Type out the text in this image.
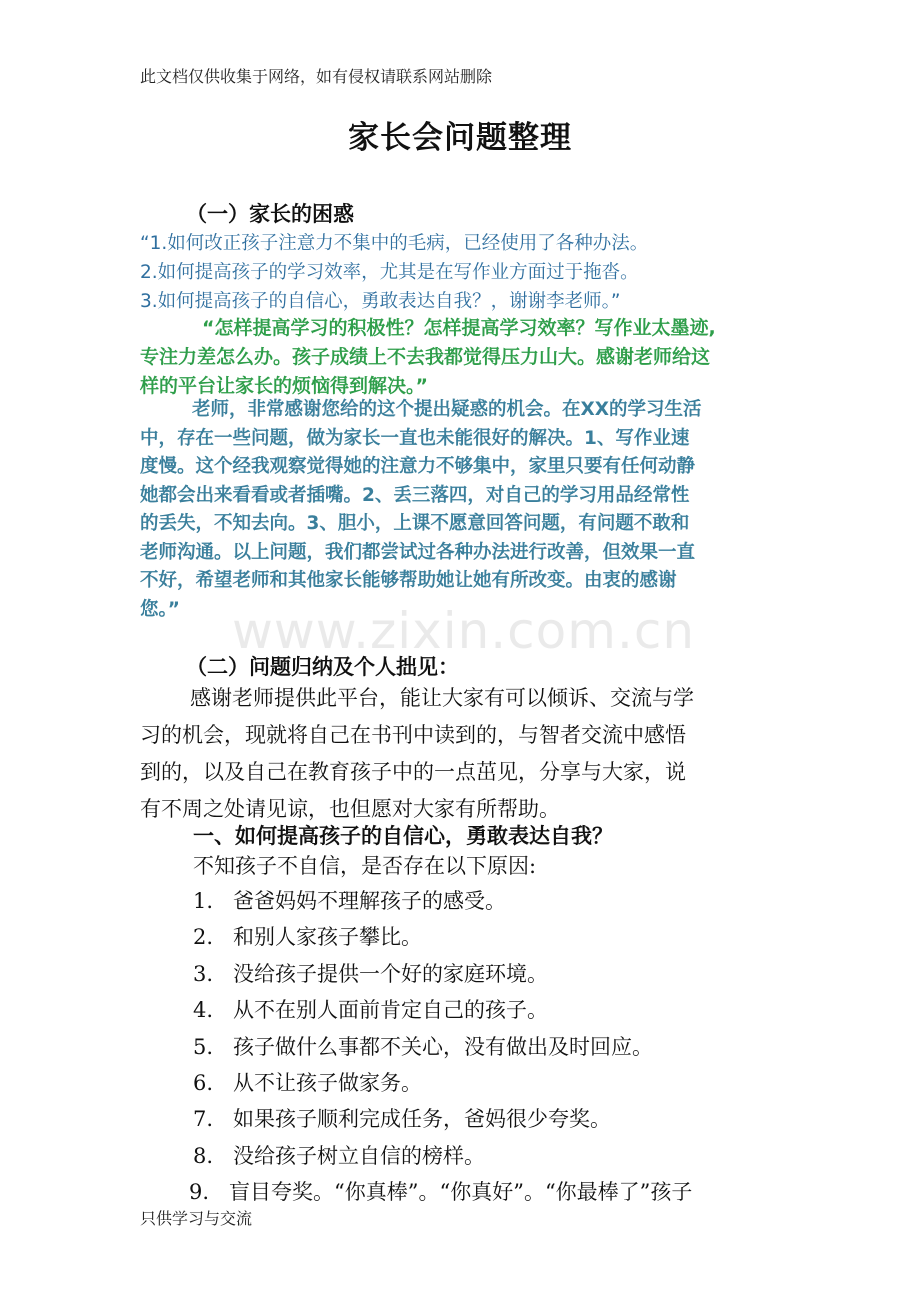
此文档仅供收集于网络，如有侵权请联系网站删除
家长会问题整理
（一）家长的困惑
“1.如何改正孩子注意力不集中的毛病，已经使用了各种办法。
2.如何提高孩子的学习效率，尤其是在写作业方面过于拖沓。
3.如何提高孩子的自信心，勇敢表达自我？，谢谢李老师。”
“怎样提高学习的积极性？怎样提高学习效率？写作业太墨迹,
专注力差怎么办。孩子成绩上不去我都觉得压力山大。感谢老师给这
样的平台让家长的烦恼得到解决。”
老师，非常感谢您给的这个提出疑惑的机会。在XX的学习生活
中，存在一些问题，做为家长一直也未能很好的解决。1、写作业速
度慢。这个经我观察觉得她的注意力不够集中，家里只要有任何动静
她都会出来看看或者插嘴。2、丢三落四，对自己的学习用品经常性
的丢失，不知去向。3、胆小，上课不愿意回答问题，有问题不敢和
老师沟通。以上问题，我们都尝试过各种办法进行改善，但效果一直
不好，希望老师和其他家长能够帮助她让她有所改变。由衷的感谢
您。”	www.zixin.com.cn
（二）问题归纳及个人拙见：
感谢老师提供此平台，能让大家有可以倾诉、交流与学
习的机会，现就将自己在书刊中读到的，与智者交流中感悟
到的，以及自己在教育孩子中的一点茁见，分享与大家，说
有不周之处请见谅，也但愿对大家有所帮助。
一、如何提高孩子的自信心，勇敢表达自我？
不知孩子不自信，是否存在以下原因:
1. 爸爸妈妈不理解孩子的感受。
2. 和别人家孩子攀比。
3. 没给孩子提供一个好的家庭环境。
4. 从不在别人面前肯定自己的孩子。
5. 孩子做什么事都不关心，没有做出及时回应。
6. 从不让孩子做家务。
7. 如果孩子顺利完成任务，爸妈很少夸奖。
8. 没给孩子树立自信的榜样。
9. 盲目夸奖。“你真棒”。“你真好”。“你最棒了”孩子
只供学习与交流
